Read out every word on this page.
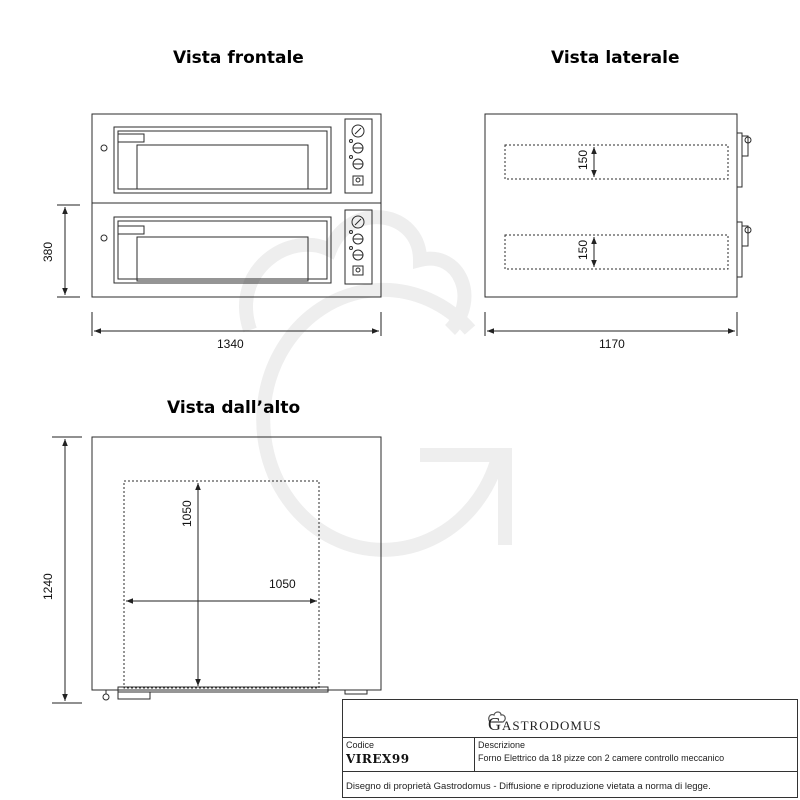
Vista frontale	Vista laterale
Vista dall’alto
1340
380
150
150
1170
1050
1050
1240
Gastrodomus
Codice
VIREX99
Descrizione
Forno Elettrico da 18 pizze con 2 camere controllo meccanico
Disegno di proprietà Gastrodomus - Diffusione e riproduzione vietata a norma di legge.
